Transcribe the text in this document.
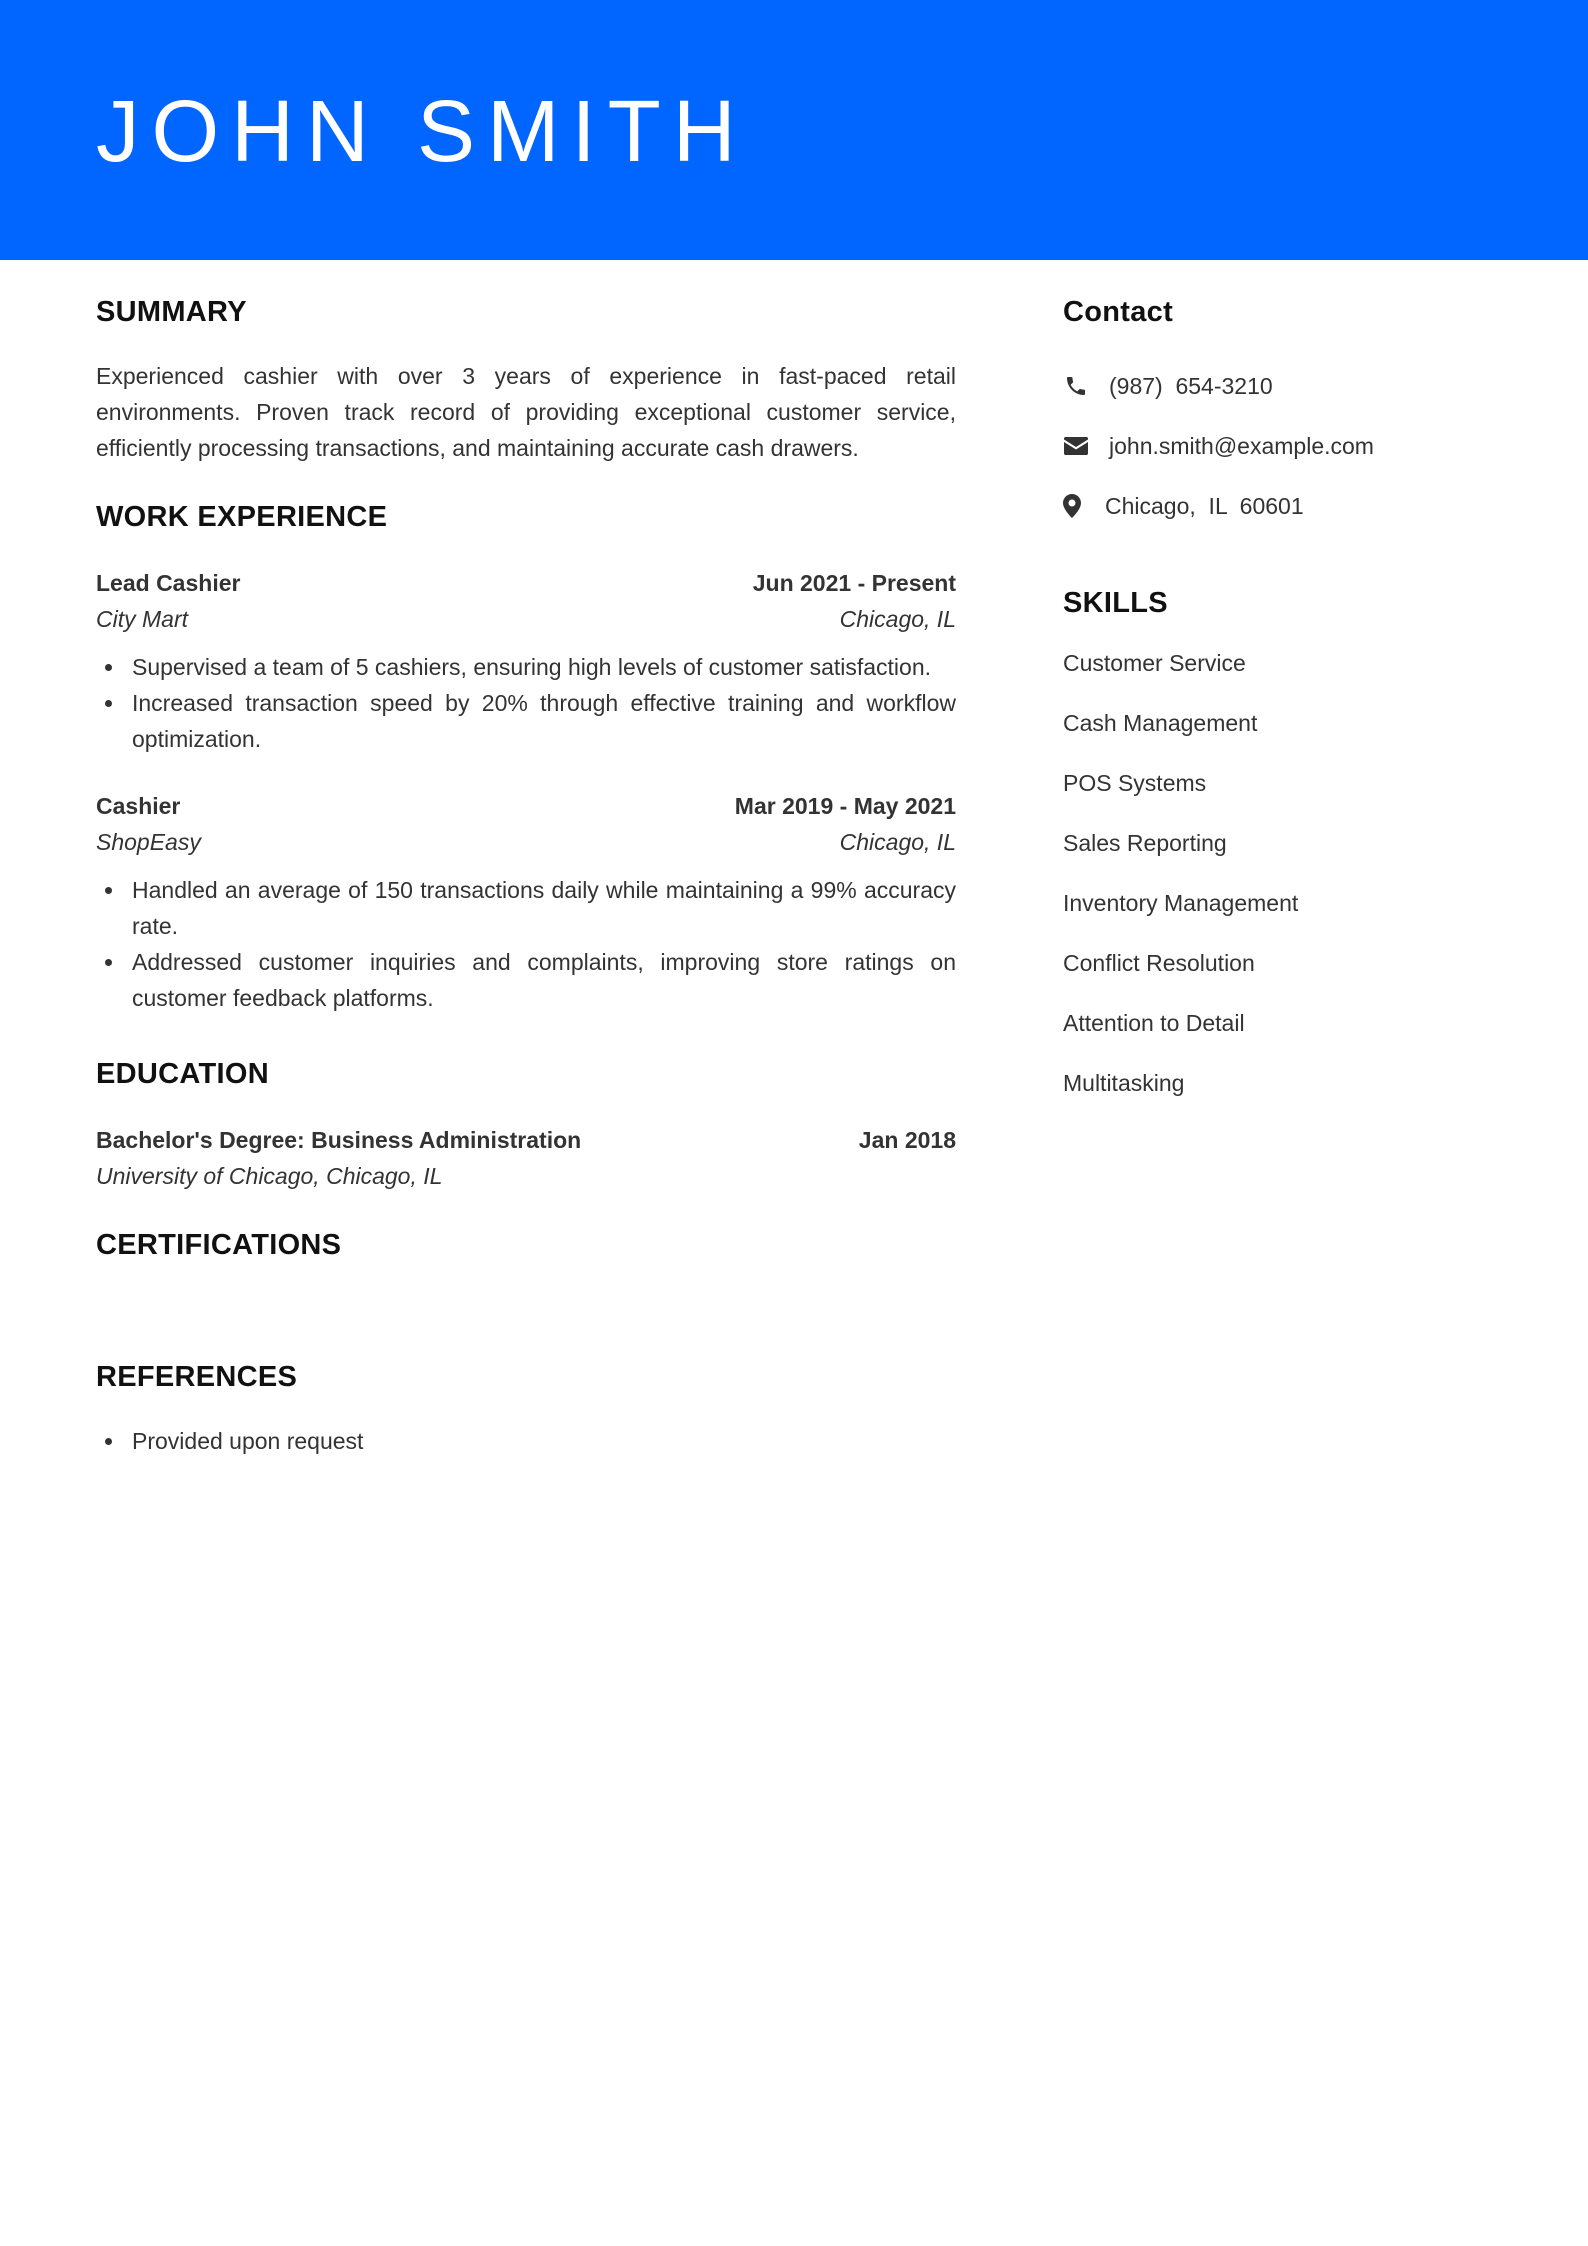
JOHN SMITH
SUMMARY

Experienced cashier with over 3 years of experience in fast-paced retail environments. Proven track record of providing exceptional customer service, efficiently processing transactions, and maintaining accurate cash drawers.

WORK EXPERIENCE
Lead Cashier	Jun 2021 - Present
City Mart	Chicago, IL
Supervised a team of 5 cashiers, ensuring high levels of customer satisfaction.
Increased transaction speed by 20% through effective training and workflow optimization.
Cashier	Mar 2019 - May 2021
ShopEasy	Chicago, IL
Handled an average of 150 transactions daily while maintaining a 99% accuracy rate.
Addressed customer inquiries and complaints, improving store ratings on customer feedback platforms.
EDUCATION
Bachelor's Degree: Business Administration	Jan 2018
University of Chicago, Chicago, IL
CERTIFICATIONS
REFERENCES
Provided upon request
Contact
(987)  654-3210
john.smith@example.com
Chicago,  IL  60601
SKILLS
Customer Service
Cash Management
POS Systems
Sales Reporting
Inventory Management
Conflict Resolution
Attention to Detail
Multitasking
